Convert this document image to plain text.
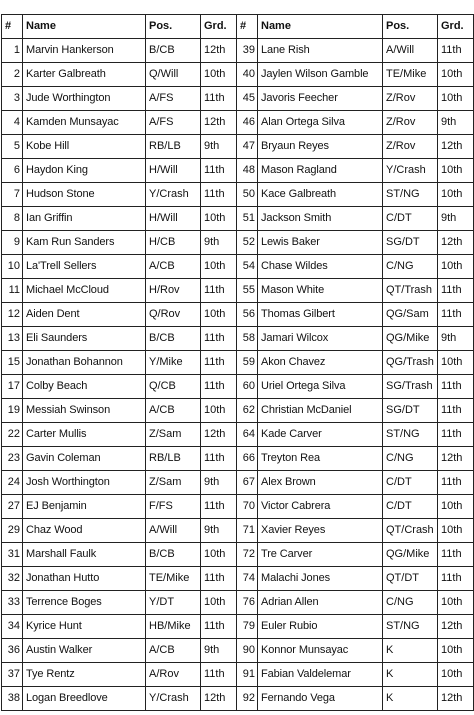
#	Name	Pos.	Grd.	#	Name	Pos.	Grd.
1	Marvin Hankerson	B/CB	12th	39	Lane Rish	A/Will	11th
2	Karter Galbreath	Q/Will	10th	40	Jaylen Wilson Gamble	TE/Mike	10th
3	Jude Worthington	A/FS	11th	45	Javoris Feecher	Z/Rov	10th
4	Kamden Munsayac	A/FS	12th	46	Alan Ortega Silva	Z/Rov	9th
5	Kobe Hill	RB/LB	9th	47	Bryaun Reyes	Z/Rov	12th
6	Haydon King	H/Will	11th	48	Mason Ragland	Y/Crash	10th
7	Hudson Stone	Y/Crash	11th	50	Kace Galbreath	ST/NG	10th
8	Ian Griffin	H/Will	10th	51	Jackson Smith	C/DT	9th
9	Kam Run Sanders	H/CB	9th	52	Lewis Baker	SG/DT	12th
10	La'Trell Sellers	A/CB	10th	54	Chase Wildes	C/NG	10th
11	Michael McCloud	H/Rov	11th	55	Mason White	QT/Trash	11th
12	Aiden Dent	Q/Rov	10th	56	Thomas Gilbert	QG/Sam	11th
13	Eli Saunders	B/CB	11th	58	Jamari Wilcox	QG/Mike	9th
15	Jonathan Bohannon	Y/Mike	11th	59	Akon Chavez	QG/Trash	10th
17	Colby Beach	Q/CB	11th	60	Uriel Ortega Silva	SG/Trash	11th
19	Messiah Swinson	A/CB	10th	62	Christian McDaniel	SG/DT	11th
22	Carter Mullis	Z/Sam	12th	64	Kade Carver	ST/NG	11th
23	Gavin Coleman	RB/LB	11th	66	Treyton Rea	C/NG	12th
24	Josh Worthington	Z/Sam	9th	67	Alex Brown	C/DT	11th
27	EJ Benjamin	F/FS	11th	70	Victor Cabrera	C/DT	10th
29	Chaz Wood	A/Will	9th	71	Xavier Reyes	QT/Crash	10th
31	Marshall Faulk	B/CB	10th	72	Tre Carver	QG/Mike	11th
32	Jonathan Hutto	TE/Mike	11th	74	Malachi Jones	QT/DT	11th
33	Terrence Boges	Y/DT	10th	76	Adrian Allen	C/NG	10th
34	Kyrice Hunt	HB/Mike	11th	79	Euler Rubio	ST/NG	12th
36	Austin Walker	A/CB	9th	90	Konnor Munsayac	K	10th
37	Tye Rentz	A/Rov	11th	91	Fabian Valdelemar	K	10th
38	Logan Breedlove	Y/Crash	12th	92	Fernando Vega	K	12th
